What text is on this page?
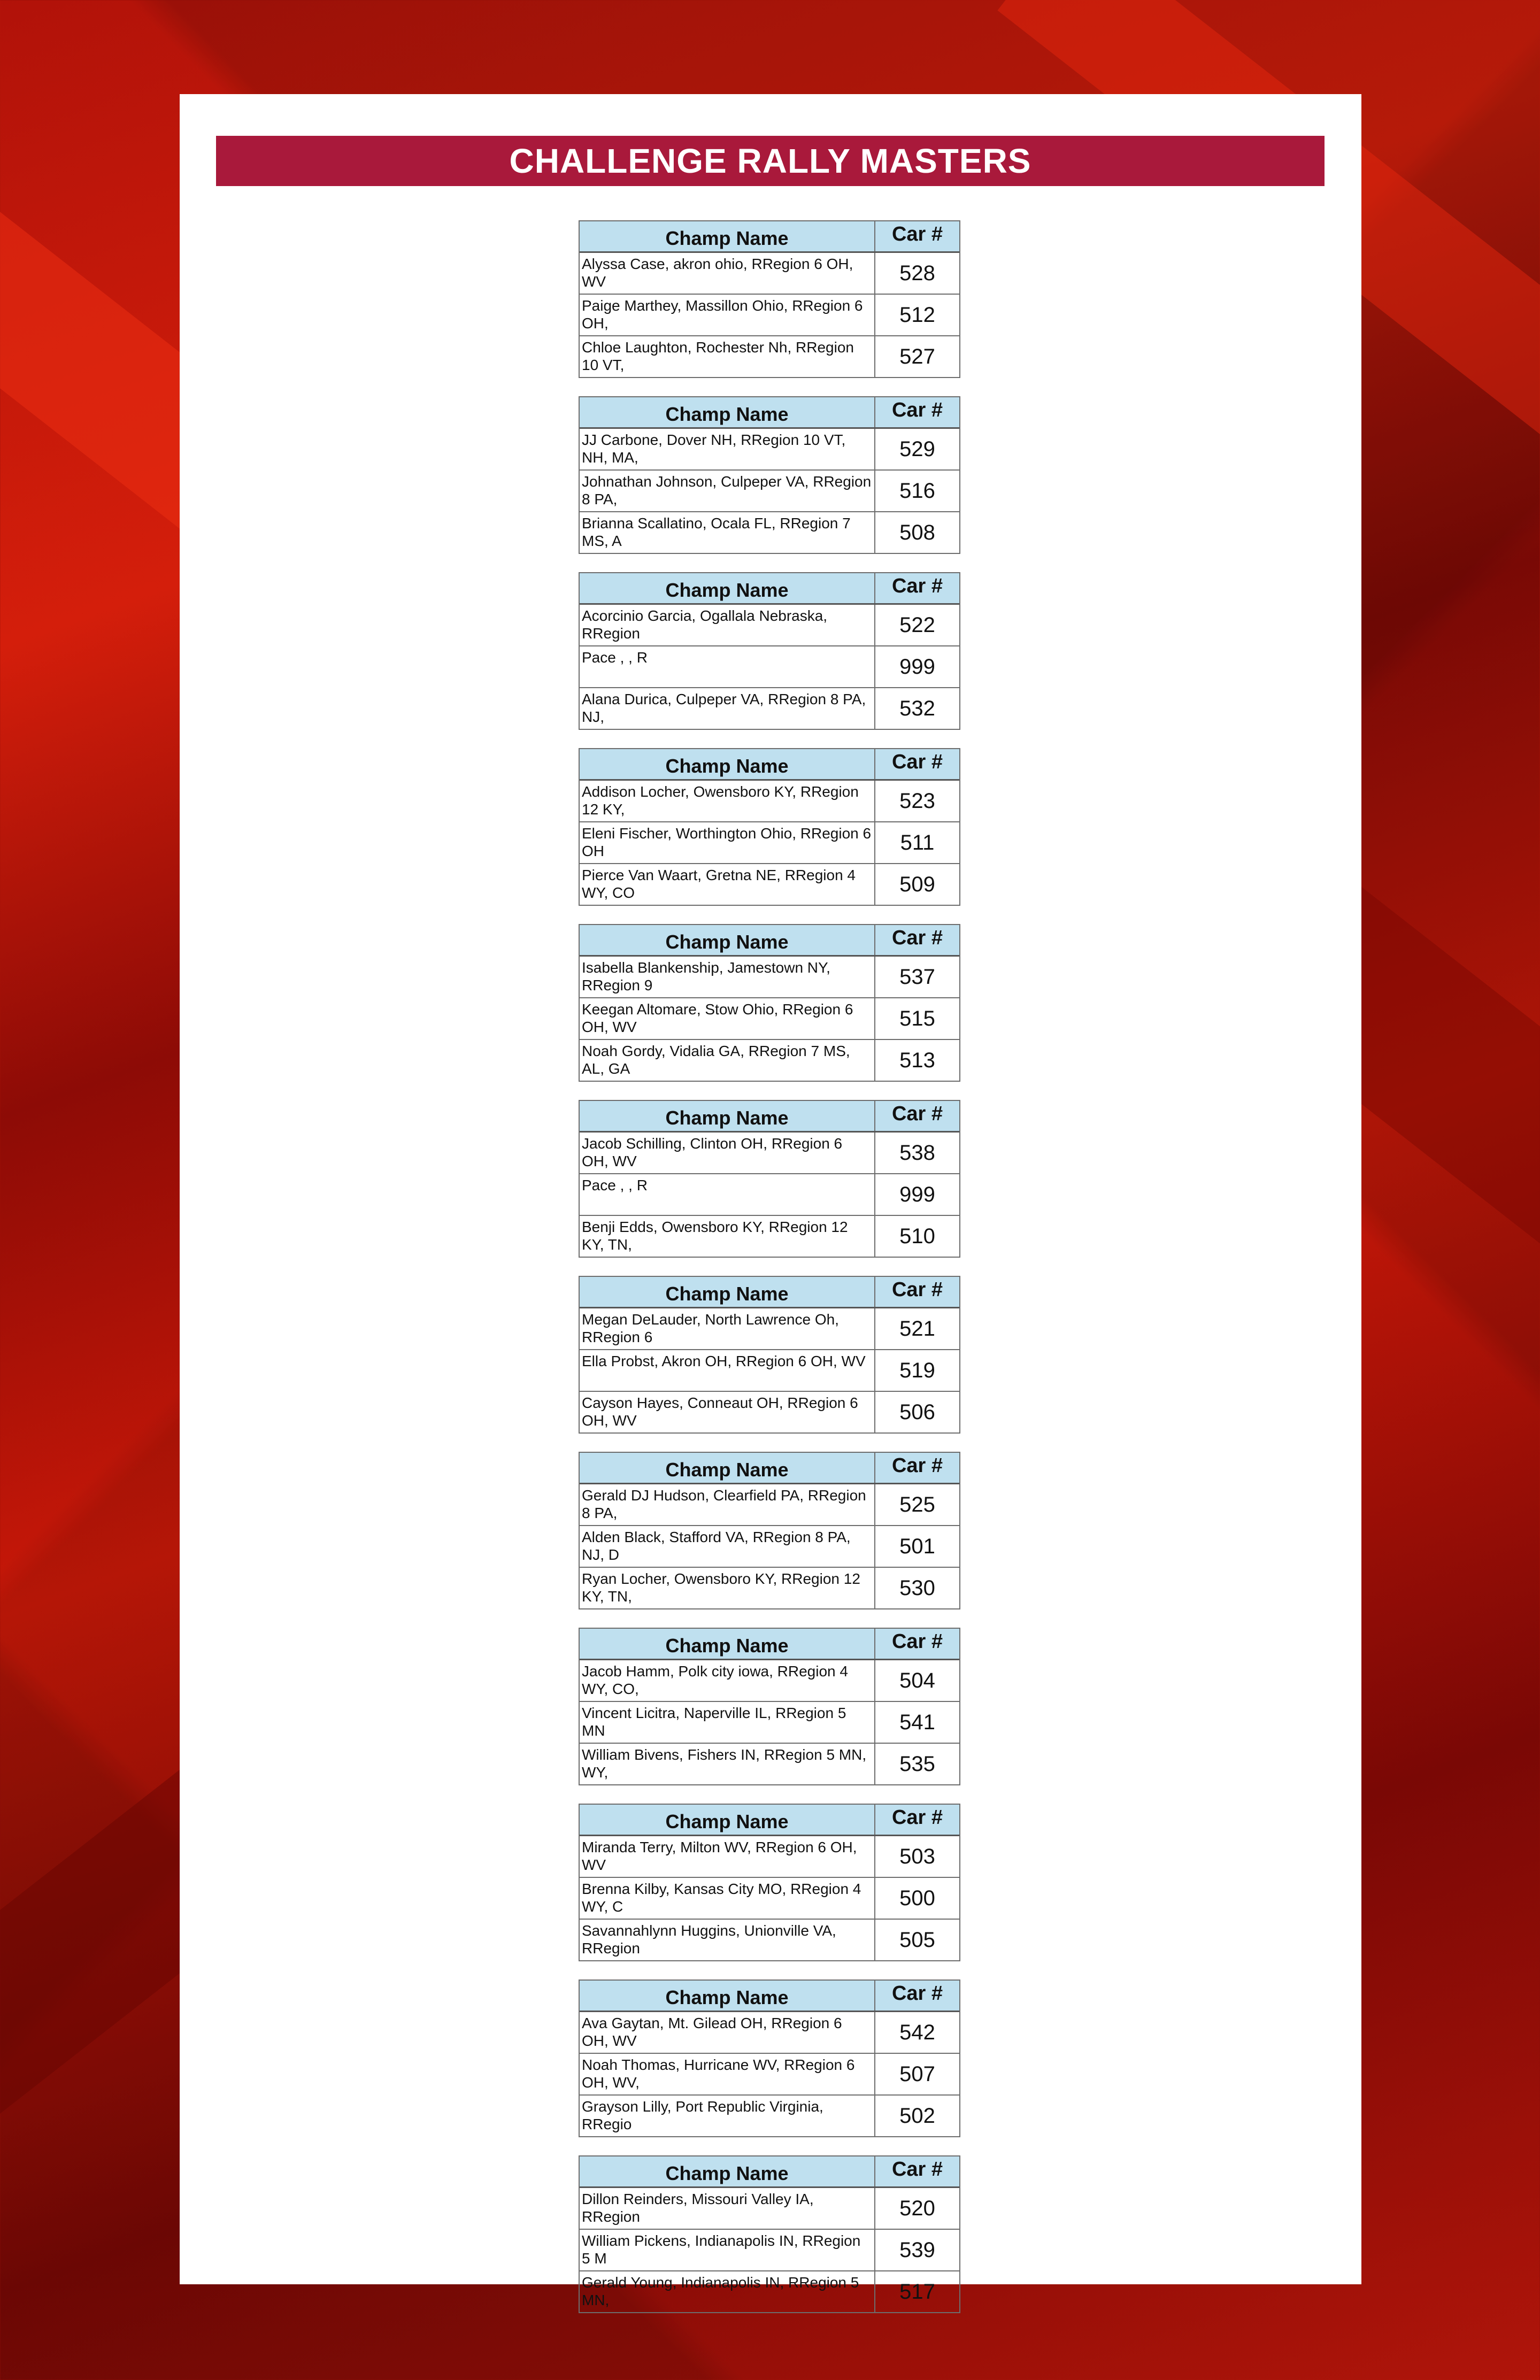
CHALLENGE RALLY MASTERS
Champ Name	Car #
Alyssa Case, akron ohio, RRegion 6 OH, WV	528
Paige Marthey, Massillon Ohio, RRegion 6 OH,	512
Chloe Laughton, Rochester Nh, RRegion 10 VT,	527
Champ Name	Car #
JJ Carbone, Dover NH, RRegion 10 VT, NH, MA,	529
Johnathan Johnson, Culpeper VA, RRegion 8 PA,	516
Brianna Scallatino, Ocala FL, RRegion 7 MS, A	508
Champ Name	Car #
Acorcinio Garcia, Ogallala Nebraska, RRegion	522
Pace , , R	999
Alana Durica, Culpeper VA, RRegion 8 PA, NJ,	532
Champ Name	Car #
Addison Locher, Owensboro KY, RRegion 12 KY,	523
Eleni Fischer, Worthington Ohio, RRegion 6 OH	511
Pierce Van Waart, Gretna NE, RRegion 4 WY, CO	509
Champ Name	Car #
Isabella Blankenship, Jamestown NY, RRegion 9	537
Keegan Altomare, Stow Ohio, RRegion 6 OH, WV	515
Noah Gordy, Vidalia GA, RRegion 7 MS, AL, GA	513
Champ Name	Car #
Jacob Schilling, Clinton OH, RRegion 6 OH, WV	538
Pace , , R	999
Benji Edds, Owensboro KY, RRegion 12 KY, TN,	510
Champ Name	Car #
Megan DeLauder, North Lawrence Oh, RRegion 6	521
Ella Probst, Akron OH, RRegion 6 OH, WV	519
Cayson Hayes, Conneaut OH, RRegion 6 OH, WV	506
Champ Name	Car #
Gerald DJ Hudson, Clearfield PA, RRegion 8 PA,	525
Alden Black, Stafford VA, RRegion 8 PA, NJ, D	501
Ryan Locher, Owensboro KY, RRegion 12 KY, TN,	530
Champ Name	Car #
Jacob Hamm, Polk city iowa, RRegion 4 WY, CO,	504
Vincent Licitra, Naperville IL, RRegion 5 MN	541
William Bivens, Fishers IN, RRegion 5 MN, WY,	535
Champ Name	Car #
Miranda Terry, Milton WV, RRegion 6 OH, WV	503
Brenna Kilby, Kansas City MO, RRegion 4 WY, C	500
Savannahlynn Huggins, Unionville VA, RRegion	505
Champ Name	Car #
Ava Gaytan, Mt. Gilead OH, RRegion 6 OH, WV	542
Noah Thomas, Hurricane WV, RRegion 6 OH, WV,	507
Grayson Lilly, Port Republic Virginia, RRegio	502
Champ Name	Car #
Dillon Reinders, Missouri Valley IA, RRegion	520
William Pickens, Indianapolis IN, RRegion 5 M	539
Gerald Young, Indianapolis IN, RRegion 5 MN,	517
